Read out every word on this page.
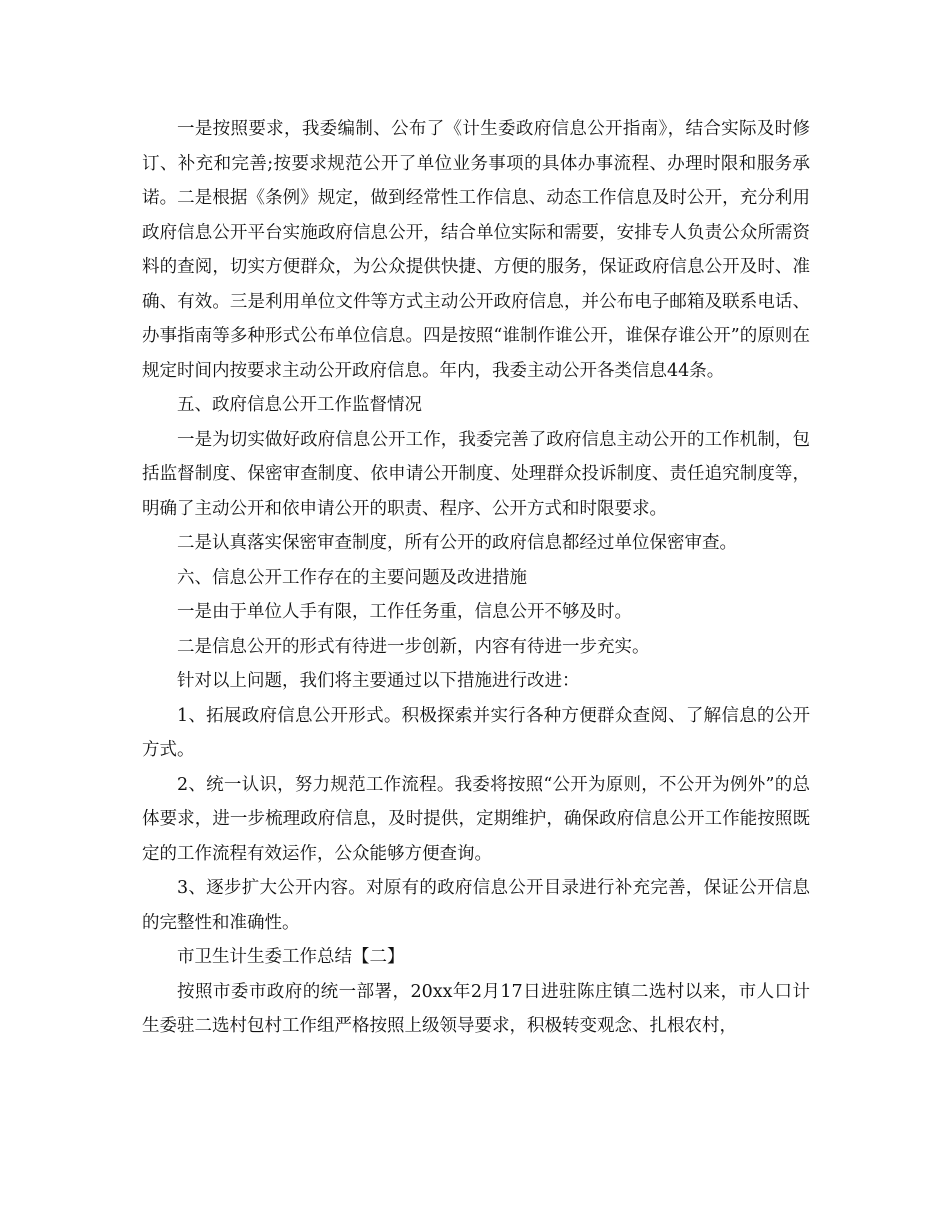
一是按照要求，我委编制、公布了《计生委政府信息公开指南》，结合实际及时修订、补充和完善;按要求规范公开了单位业务事项的具体办事流程、办理时限和服务承诺。二是根据《条例》规定，做到经常性工作信息、动态工作信息及时公开，充分利用政府信息公开平台实施政府信息公开，结合单位实际和需要，安排专人负责公众所需资料的查阅，切实方便群众，为公众提供快捷、方便的服务，保证政府信息公开及时、准确、有效。三是利用单位文件等方式主动公开政府信息，并公布电子邮箱及联系电话、办事指南等多种形式公布单位信息。四是按照“谁制作谁公开，谁保存谁公开”的原则在规定时间内按要求主动公开政府信息。年内，我委主动公开各类信息44条。

五、政府信息公开工作监督情况

一是为切实做好政府信息公开工作，我委完善了政府信息主动公开的工作机制，包括监督制度、保密审查制度、依申请公开制度、处理群众投诉制度、责任追究制度等，明确了主动公开和依申请公开的职责、程序、公开方式和时限要求。

二是认真落实保密审查制度，所有公开的政府信息都经过单位保密审查。

六、信息公开工作存在的主要问题及改进措施

一是由于单位人手有限，工作任务重，信息公开不够及时。

二是信息公开的形式有待进一步创新，内容有待进一步充实。

针对以上问题，我们将主要通过以下措施进行改进：

1、拓展政府信息公开形式。积极探索并实行各种方便群众查阅、了解信息的公开方式。

2、统一认识，努力规范工作流程。我委将按照“公开为原则，不公开为例外”的总体要求，进一步梳理政府信息，及时提供，定期维护，确保政府信息公开工作能按照既定的工作流程有效运作，公众能够方便查询。

3、逐步扩大公开内容。对原有的政府信息公开目录进行补充完善，保证公开信息的完整性和准确性。

市卫生计生委工作总结【二】

按照市委市政府的统一部署，20xx年2月17日进驻陈庄镇二选村以来，市人口计生委驻二选村包村工作组严格按照上级领导要求，积极转变观念、扎根农村，
